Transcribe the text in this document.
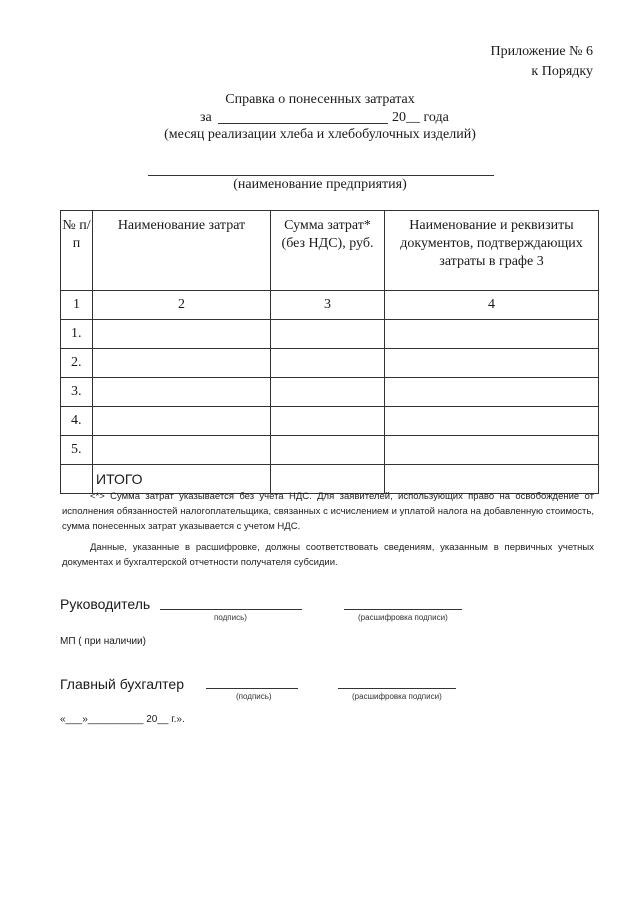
Приложение № 6
к Порядку
Справка о понесенных затратах
за	20__ года
(месяц реализации хлеба и хлебобулочных изделий)
(наименование предприятия)
№ п/п	Наименование затрат	Сумма затрат* (без НДС), руб.	Наименование и реквизиты документов, подтверждающих затраты в графе 3
1	2	3	4
1.			
2.			
3.			
4.			
5.			
	ИТОГО		
<*> Сумма затрат указывается без учета НДС. Для заявителей, использующих право на освобождение от исполнения обязанностей налогоплательщика, связанных с исчислением и уплатой налога на добавленную стоимость, сумма понесенных затрат указывается с учетом НДС.
Данные, указанные в расшифровке, должны соответствовать сведениям, указанным в первичных учетных документах и бухгалтерской отчетности получателя субсидии.
Руководитель
подпись)	(расшифровка подписи)
МП ( при наличии)
Главный бухгалтер
(подпись)	(расшифровка подписи)
«___»__________ 20__ г.».
